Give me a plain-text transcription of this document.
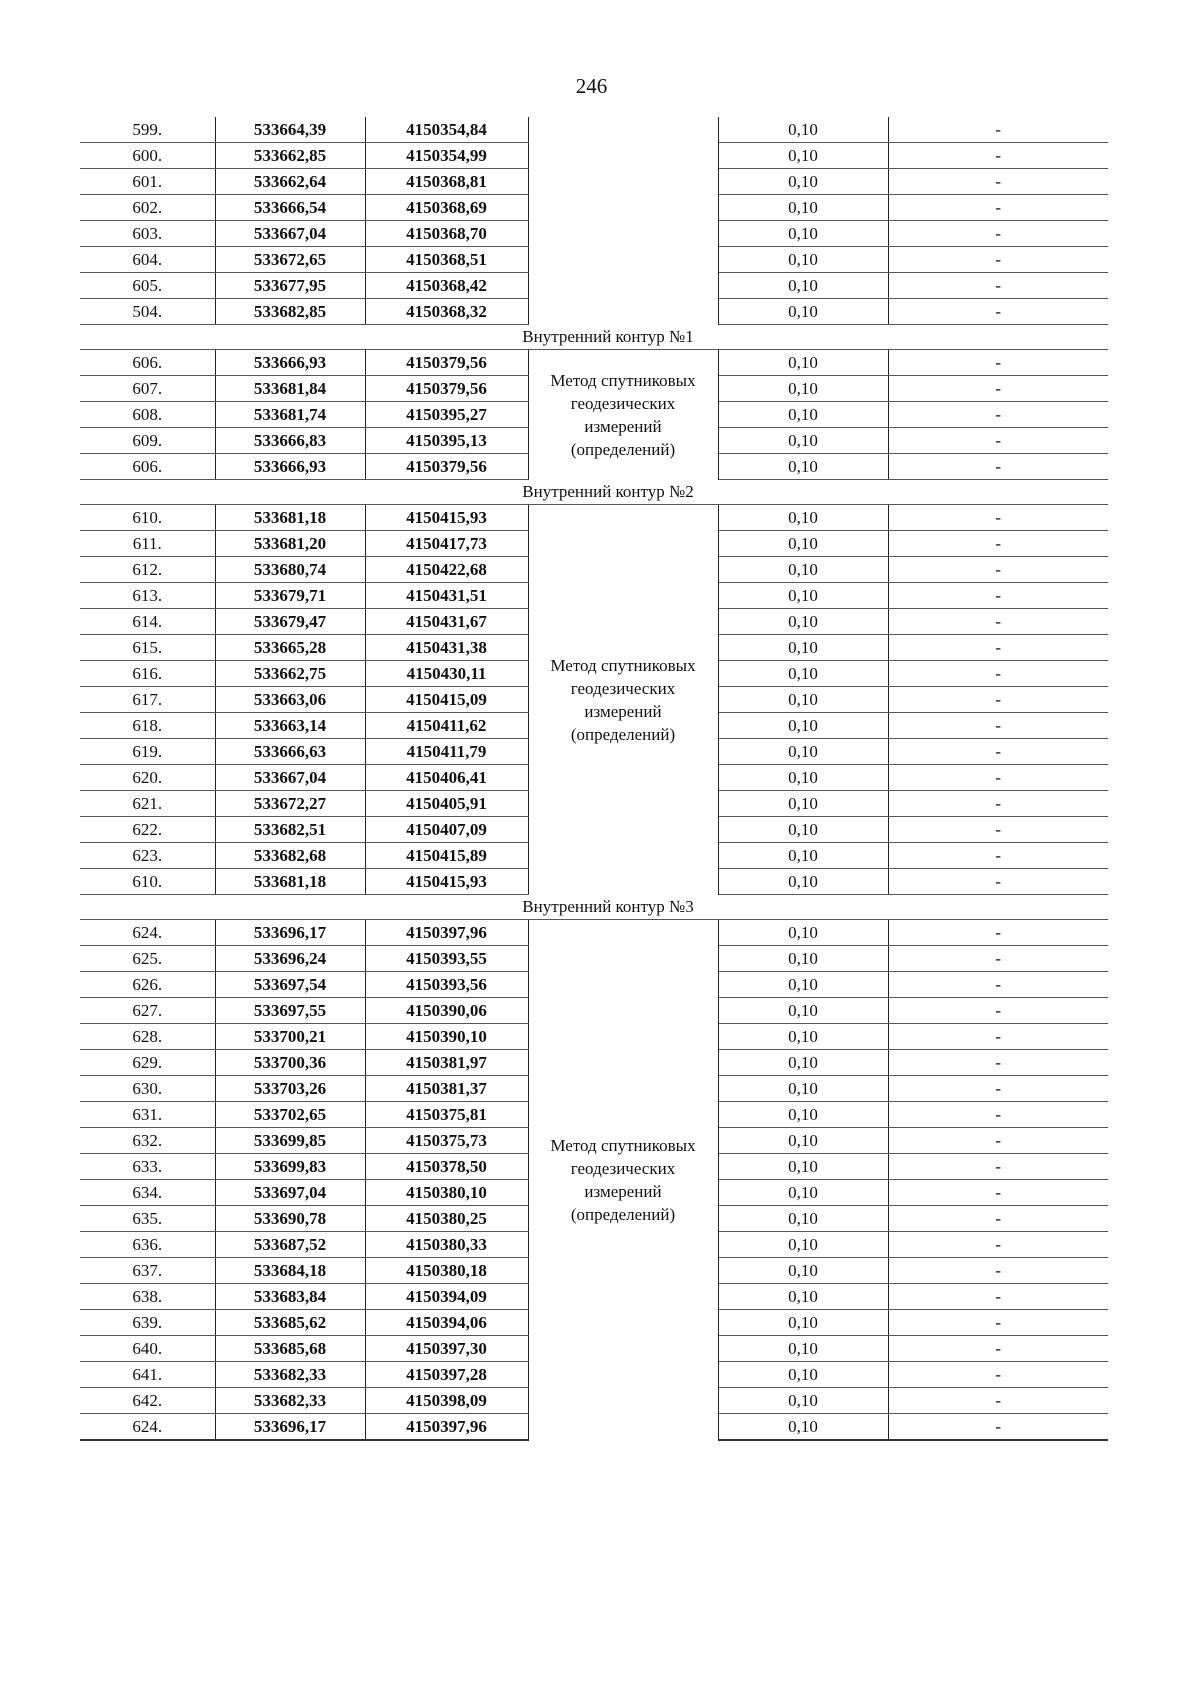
246
599.	533664,39	4150354,84		0,10	-
600.	533662,85	4150354,99		0,10	-
601.	533662,64	4150368,81		0,10	-
602.	533666,54	4150368,69		0,10	-
603.	533667,04	4150368,70		0,10	-
604.	533672,65	4150368,51		0,10	-
605.	533677,95	4150368,42		0,10	-
504.	533682,85	4150368,32		0,10	-
Внутренний контур №1					
606.	533666,93	4150379,56	Метод спутниковых геодезических измерений (определений)	0,10	-
607.	533681,84	4150379,56		0,10	-
608.	533681,74	4150395,27		0,10	-
609.	533666,83	4150395,13		0,10	-
606.	533666,93	4150379,56		0,10	-
Внутренний контур №2					
610.	533681,18	4150415,93	Метод спутниковых геодезических измерений (определений)	0,10	-
611.	533681,20	4150417,73		0,10	-
612.	533680,74	4150422,68		0,10	-
613.	533679,71	4150431,51		0,10	-
614.	533679,47	4150431,67		0,10	-
615.	533665,28	4150431,38		0,10	-
616.	533662,75	4150430,11		0,10	-
617.	533663,06	4150415,09		0,10	-
618.	533663,14	4150411,62		0,10	-
619.	533666,63	4150411,79		0,10	-
620.	533667,04	4150406,41		0,10	-
621.	533672,27	4150405,91		0,10	-
622.	533682,51	4150407,09		0,10	-
623.	533682,68	4150415,89		0,10	-
610.	533681,18	4150415,93		0,10	-
Внутренний контур №3					
624.	533696,17	4150397,96	Метод спутниковых геодезических измерений (определений)	0,10	-
625.	533696,24	4150393,55		0,10	-
626.	533697,54	4150393,56		0,10	-
627.	533697,55	4150390,06		0,10	-
628.	533700,21	4150390,10		0,10	-
629.	533700,36	4150381,97		0,10	-
630.	533703,26	4150381,37		0,10	-
631.	533702,65	4150375,81		0,10	-
632.	533699,85	4150375,73		0,10	-
633.	533699,83	4150378,50		0,10	-
634.	533697,04	4150380,10		0,10	-
635.	533690,78	4150380,25		0,10	-
636.	533687,52	4150380,33		0,10	-
637.	533684,18	4150380,18		0,10	-
638.	533683,84	4150394,09		0,10	-
639.	533685,62	4150394,06		0,10	-
640.	533685,68	4150397,30		0,10	-
641.	533682,33	4150397,28		0,10	-
642.	533682,33	4150398,09		0,10	-
624.	533696,17	4150397,96		0,10	-
